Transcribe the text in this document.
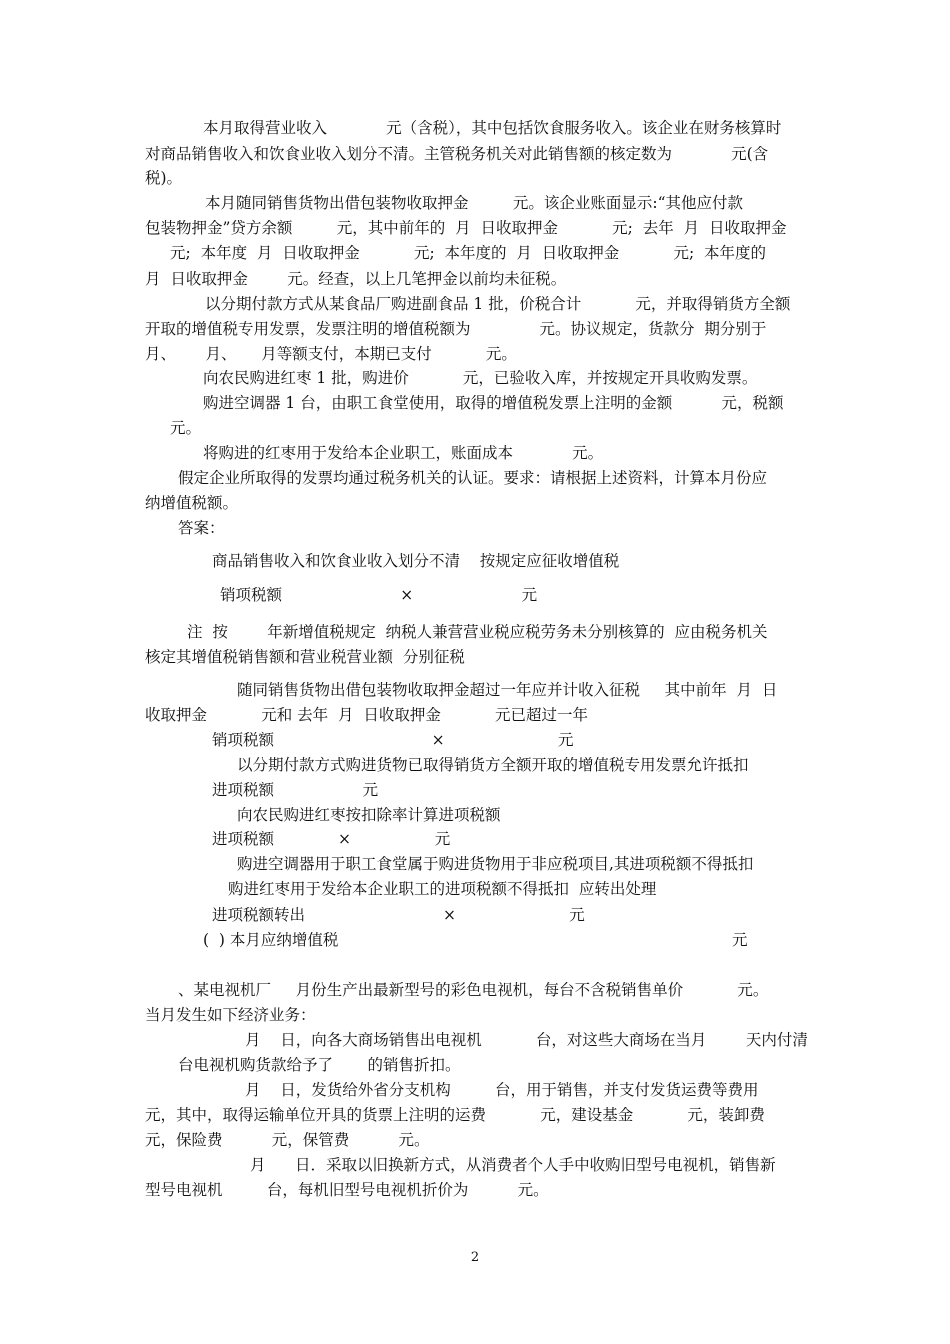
本月取得营业收入            元（含税），其中包括饮食服务收入。该企业在财务核算时
对商品销售收入和饮食业收入划分不清。主管税务机关对此销售额的核定数为            元(含
税)。
本月随同销售货物出借包装物收取押金         元。该企业账面显示:“其他应付款
包装物押金”贷方余额         元，其中前年的  月  日收取押金           元;  去年  月  日收取押金
元;  本年度  月  日收取押金           元;  本年度的  月  日收取押金           元;  本年度的
月  日收取押金        元。经查，以上几笔押金以前均未征税。
以分期付款方式从某食品厂购进副食品 1 批，价税合计           元，并取得销货方全额
开取的增值税专用发票，发票注明的增值税额为              元。协议规定，货款分  期分别于
月、      月、     月等额支付，本期已支付           元。
向农民购进红枣 1 批，购进价           元，已验收入库，并按规定开具收购发票。
购进空调器 1 台，由职工食堂使用，取得的增值税发票上注明的金额          元，税额
元。
将购进的红枣用于发给本企业职工，账面成本            元。
假定企业所取得的发票均通过税务机关的认证。要求：请根据上述资料，计算本月份应
纳增值税额。
答案：
商品销售收入和饮食业收入划分不清    按规定应征收增值税
销项税额                        ×                      元
注  按        年新增值税规定  纳税人兼营营业税应税劳务未分别核算的  应由税务机关
核定其增值税销售额和营业税营业额  分别征税
随同销售货物出借包装物收取押金超过一年应并计收入征税     其中前年  月  日
收取押金           元和 去年  月  日收取押金           元已超过一年
销项税额                                ×                       元
以分期付款方式购进货物已取得销货方全额开取的增值税专用发票允许抵扣
进项税额                  元
向农民购进红枣按扣除率计算进项税额
进项税额             ×                 元
购进空调器用于职工食堂属于购进货物用于非应税项目,其进项税额不得抵扣
购进红枣用于发给本企业职工的进项税额不得抵扣  应转出处理
进项税额转出                            ×                       元
(  ) 本月应纳增值税	元
、某电视机厂     月份生产出最新型号的彩色电视机，每台不含税销售单价           元。
当月发生如下经济业务：
月    日，向各大商场销售出电视机           台，对这些大商场在当月        天内付清
台电视机购货款给予了       的销售折扣。
月    日，发货给外省分支机构         台，用于销售，并支付发货运费等费用
元，其中，取得运输单位开具的货票上注明的运费           元，建设基金           元，装卸费
元，保险费          元，保管费          元。
月      日．采取以旧换新方式，从消费者个人手中收购旧型号电视机，销售新
型号电视机         台，每机旧型号电视机折价为          元。
2
